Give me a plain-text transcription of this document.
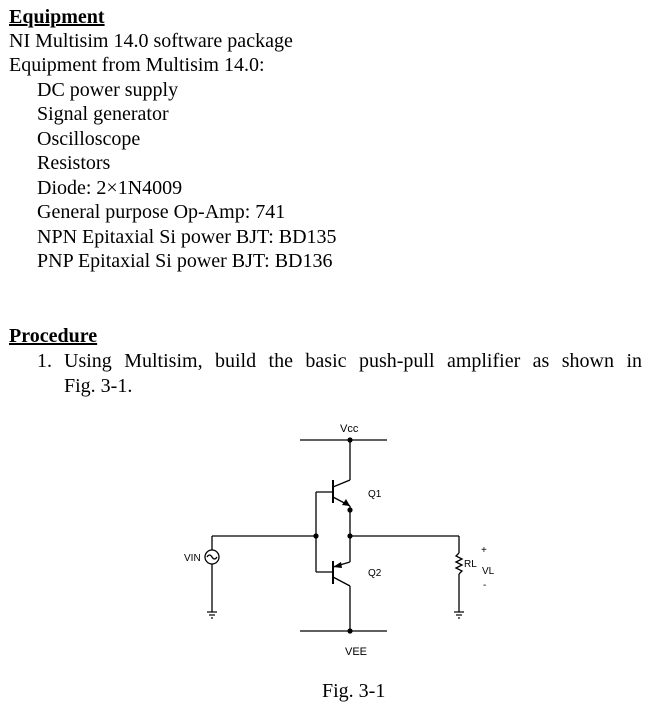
Equipment
NI Multisim 14.0 software package
Equipment from Multisim 14.0:
DC power supply
Signal generator
Oscilloscope
Resistors
Diode: 2×1N4009
General purpose Op-Amp: 741
NPN Epitaxial Si power BJT: BD135
PNP Epitaxial Si power BJT: BD136
Procedure
1. Using Multisim, build the basic push-pull amplifier as shown in
Fig. 3-1.
Vcc
Q1
Q2
VIN
RL
VL
+
-
VEE
Fig. 3-1
